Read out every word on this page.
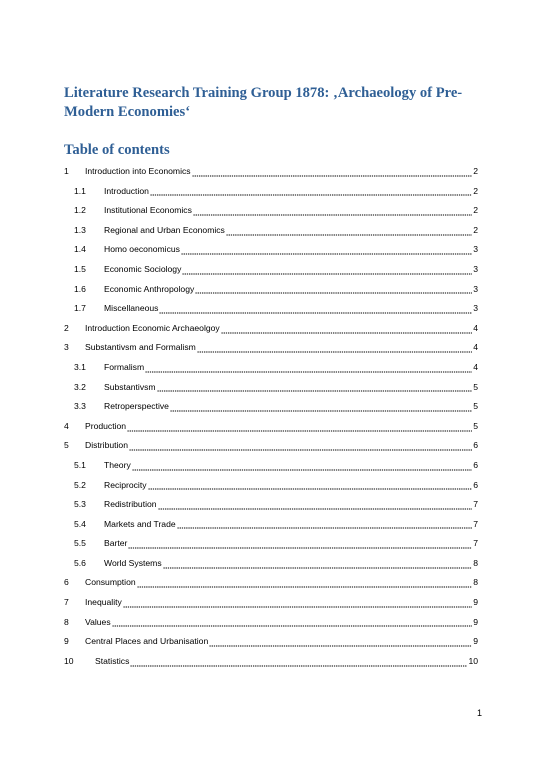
Literature Research Training Group 1878: ‚Archaeology of Pre-Modern Economies‘
Table of contents
1	Introduction into Economics	2
1.1	Introduction	2
1.2	Institutional Economics	2
1.3	Regional and Urban Economics	2
1.4	Homo oeconomicus	3
1.5	Economic Sociology	3
1.6	Economic Anthropology	3
1.7	Miscellaneous	3
2	Introduction Economic Archaeolgoy	4
3	Substantivsm and Formalism	4
3.1	Formalism	4
3.2	Substantivsm	5
3.3	Retroperspective	5
4	Production	5
5	Distribution	6
5.1	Theory	6
5.2	Reciprocity	6
5.3	Redistribution	7
5.4	Markets and Trade	7
5.5	Barter	7
5.6	World Systems	8
6	Consumption	8
7	Inequality	9
8	Values	9
9	Central Places and Urbanisation	9
10	Statistics	10
1
